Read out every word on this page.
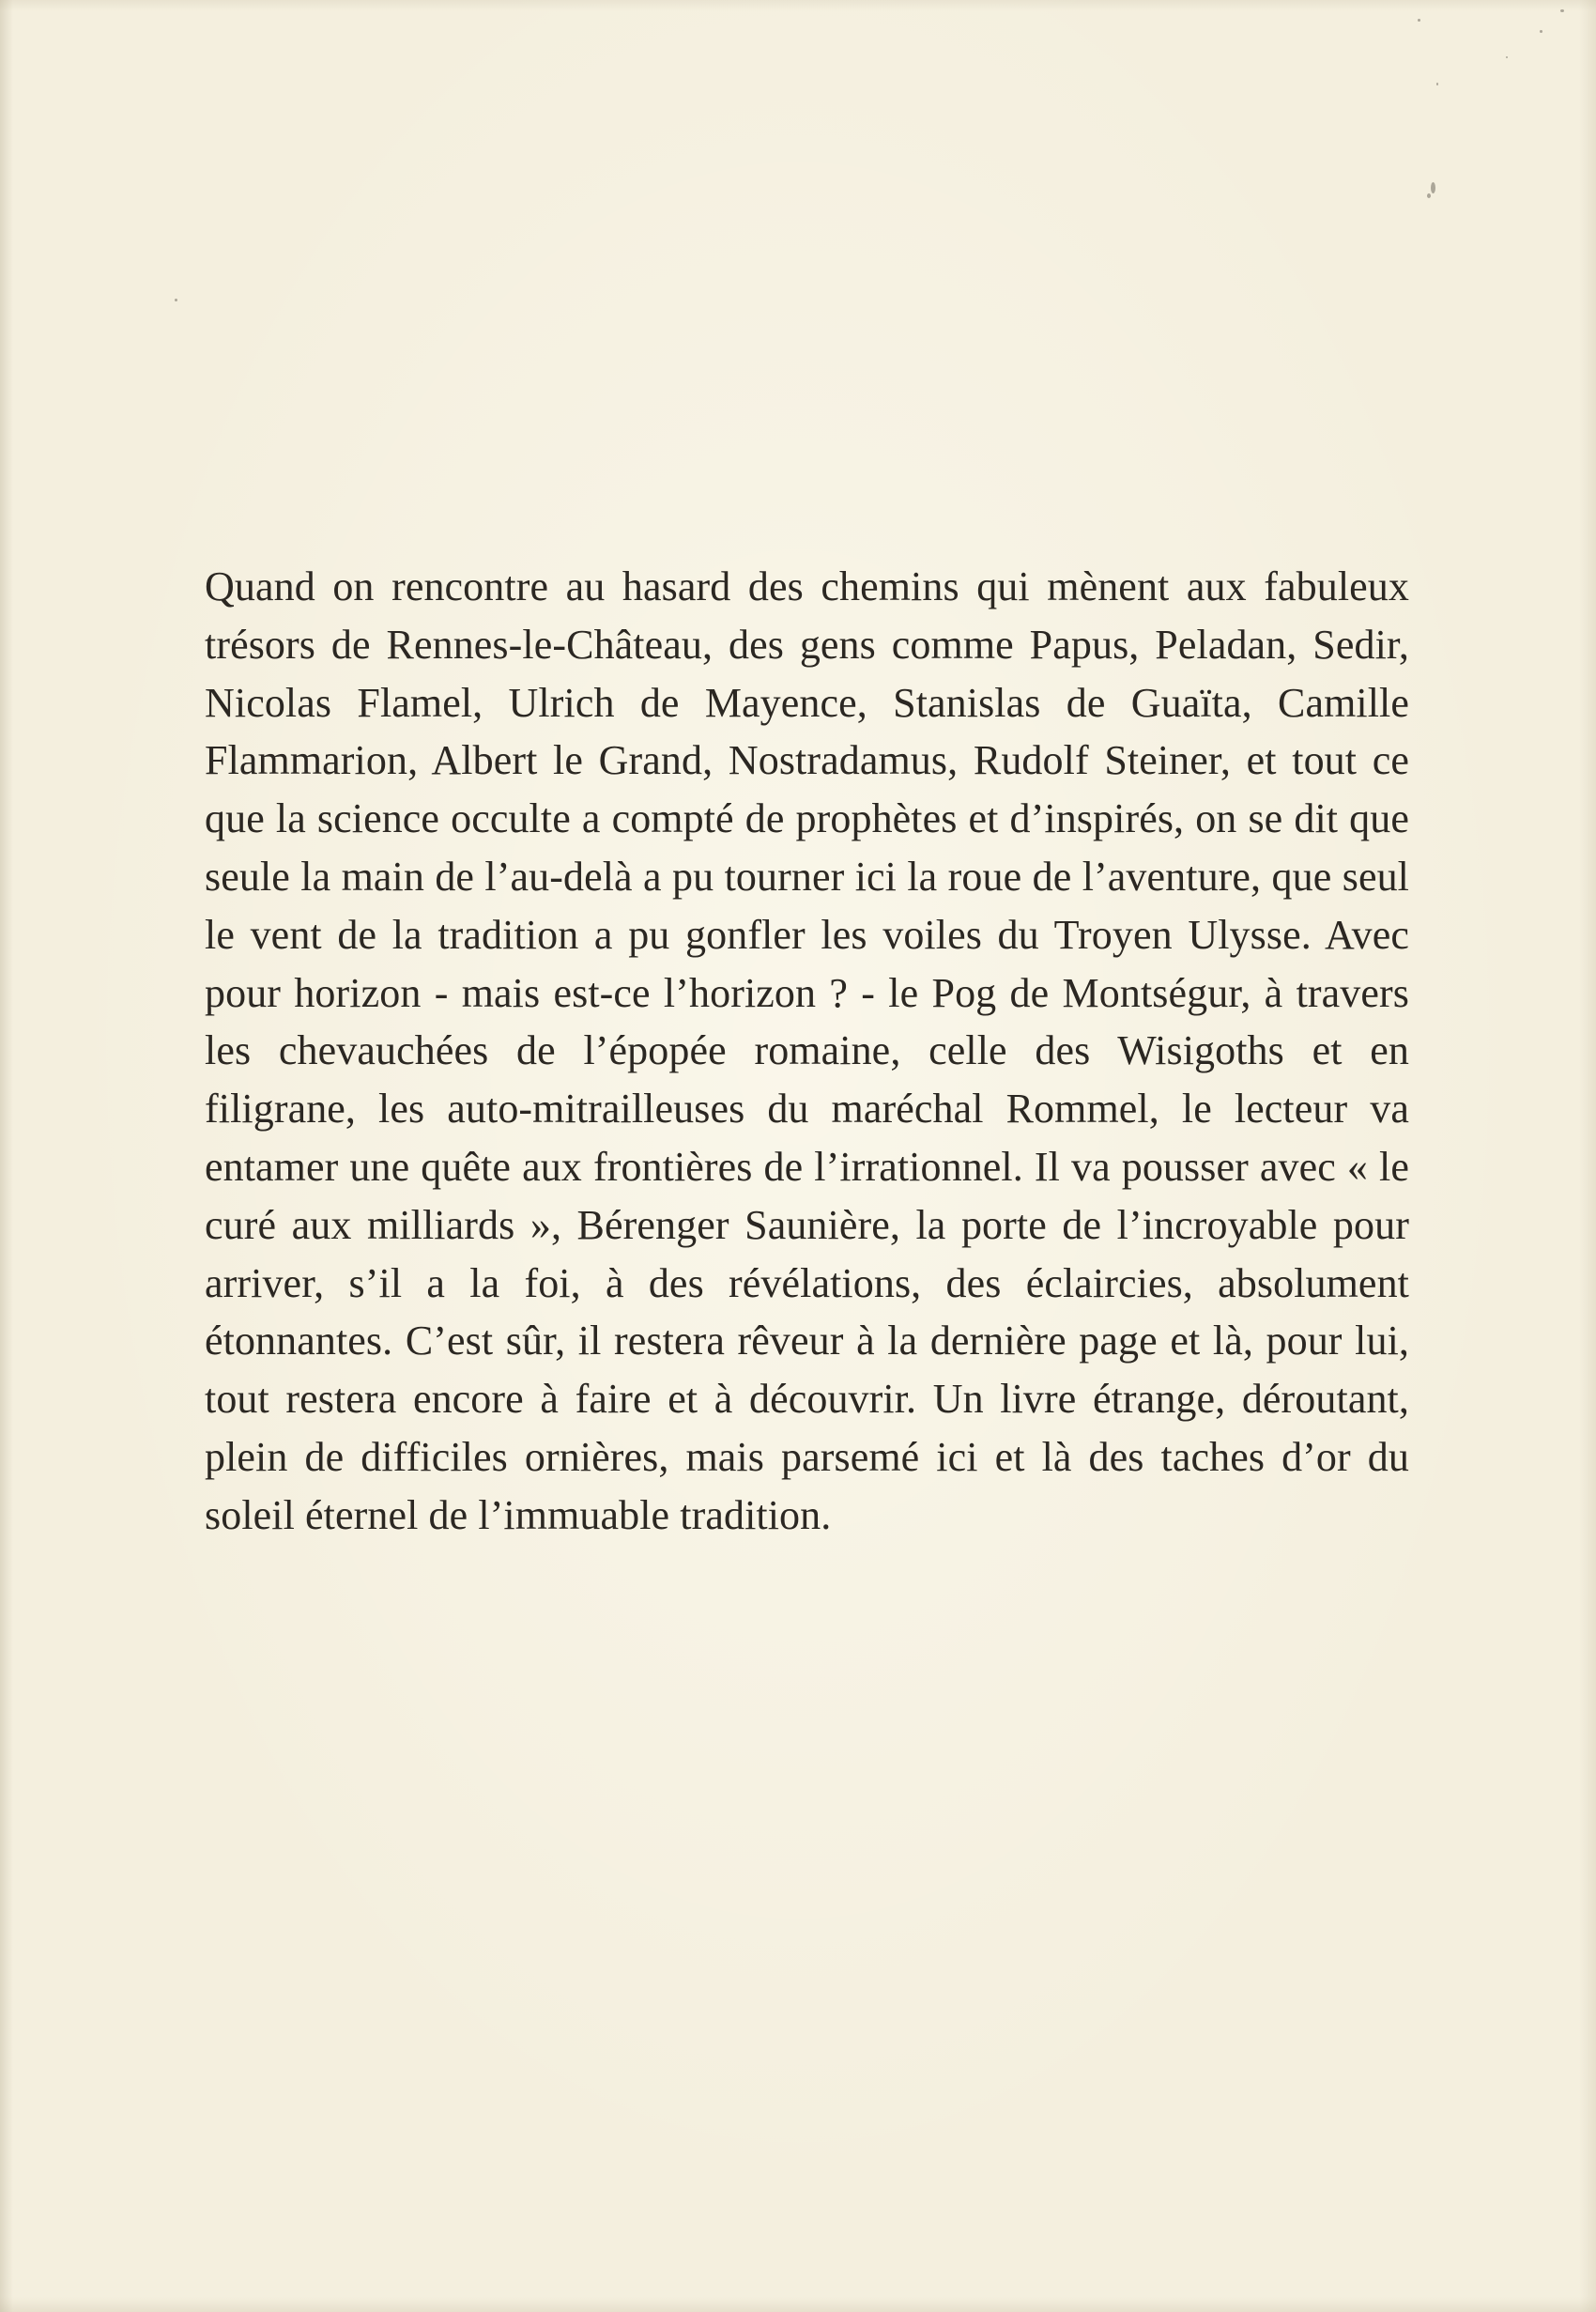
Quand on rencontre au hasard des chemins qui mènent aux fabuleux trésors de Rennes-le-Château, des gens comme Papus, Peladan, Sedir, Nicolas Flamel, Ulrich de Mayence, Stanislas de Guaïta, Camille Flammarion, Albert le Grand, Nostradamus, Rudolf Steiner, et tout ce que la science occulte a compté de prophètes et d’inspirés, on se dit que seule la main de l’au-delà a pu tourner ici la roue de l’aventure, que seul le vent de la tradition a pu gonfler les voiles du Troyen Ulysse. Avec pour horizon - mais est-ce l’horizon ? - le Pog de Montségur, à travers les chevauchées de l’épopée romaine, celle des Wisigoths et en filigrane, les auto-mitrailleuses du maréchal Rommel, le lecteur va entamer une quête aux frontières de l’irrationnel. Il va pousser avec « le curé aux milliards », Bérenger Saunière, la porte de l’incroyable pour arriver, s’il a la foi, à des révélations, des éclaircies, absolument étonnantes. C’est sûr, il restera rêveur à la dernière page et là, pour lui, tout restera encore à faire et à découvrir. Un livre étrange, déroutant, plein de difficiles ornières, mais parsemé ici et là des taches d’or du soleil éternel de l’immuable tradition.
